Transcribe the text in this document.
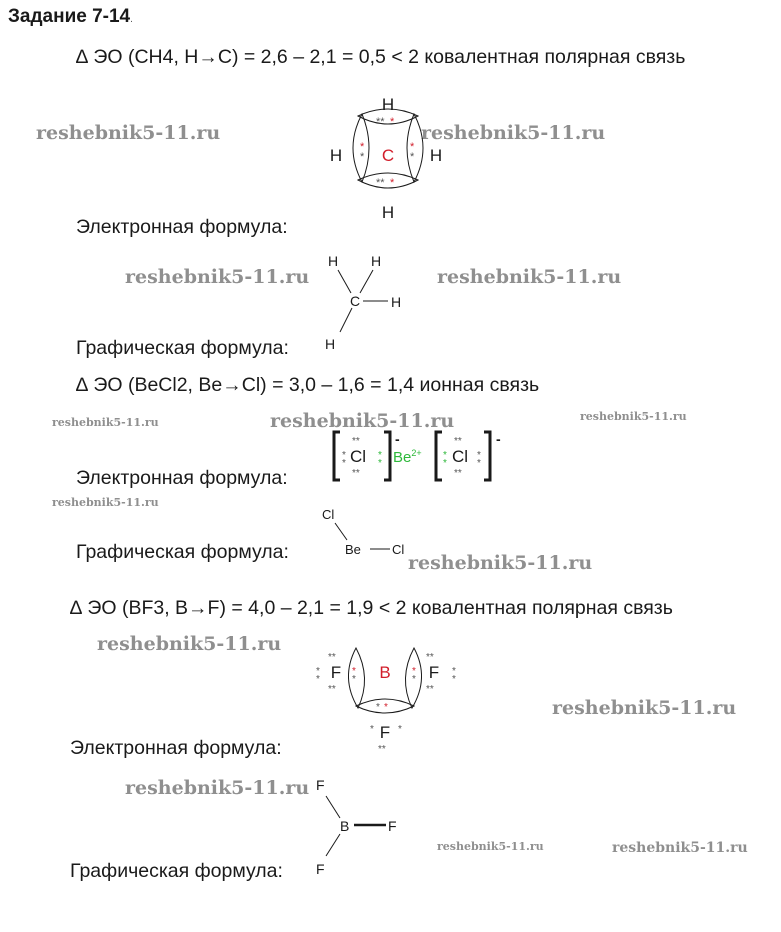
Задание 7-14.
∆ ЭО (CH4, H→C) = 2,6 – 2,1 = 0,5 < 2 ковалентная полярная связь
reshebnik5-11.ru	reshebnik5-11.ru
H
H
H	H
C
** *
** *
*
*
*
*
Электронная формула:
reshebnik5-11.ru	reshebnik5-11.ru
H H
C H
H
Графическая формула:
∆ ЭО (BeCl2, Be→Cl) = 3,0 – 1,6 = 1,4 ионная связь
reshebnik5-11.ru	reshebnik5-11.ru	reshebnik5-11.ru
-
Cl
**
**
*
*
*
* $Be^{2+}$
-
Cl
**
**
*
*
*
*
Электронная формула:
reshebnik5-11.ru
Cl
Be Cl
Графическая формула:	reshebnik5-11.ru
∆ ЭО (BF3, B→F) = 4,0 – 2,1 = 1,9 < 2 ковалентная полярная связь
reshebnik5-11.ru
reshebnik5-11.ru
B
F	F
F
**
**
*
*
*
*
**
**
*
*
*
*
* *
* *
**
Электронная формула:
reshebnik5-11.ru F
B	F
F
reshebnik5-11.ru	reshebnik5-11.ru
Графическая формула:
